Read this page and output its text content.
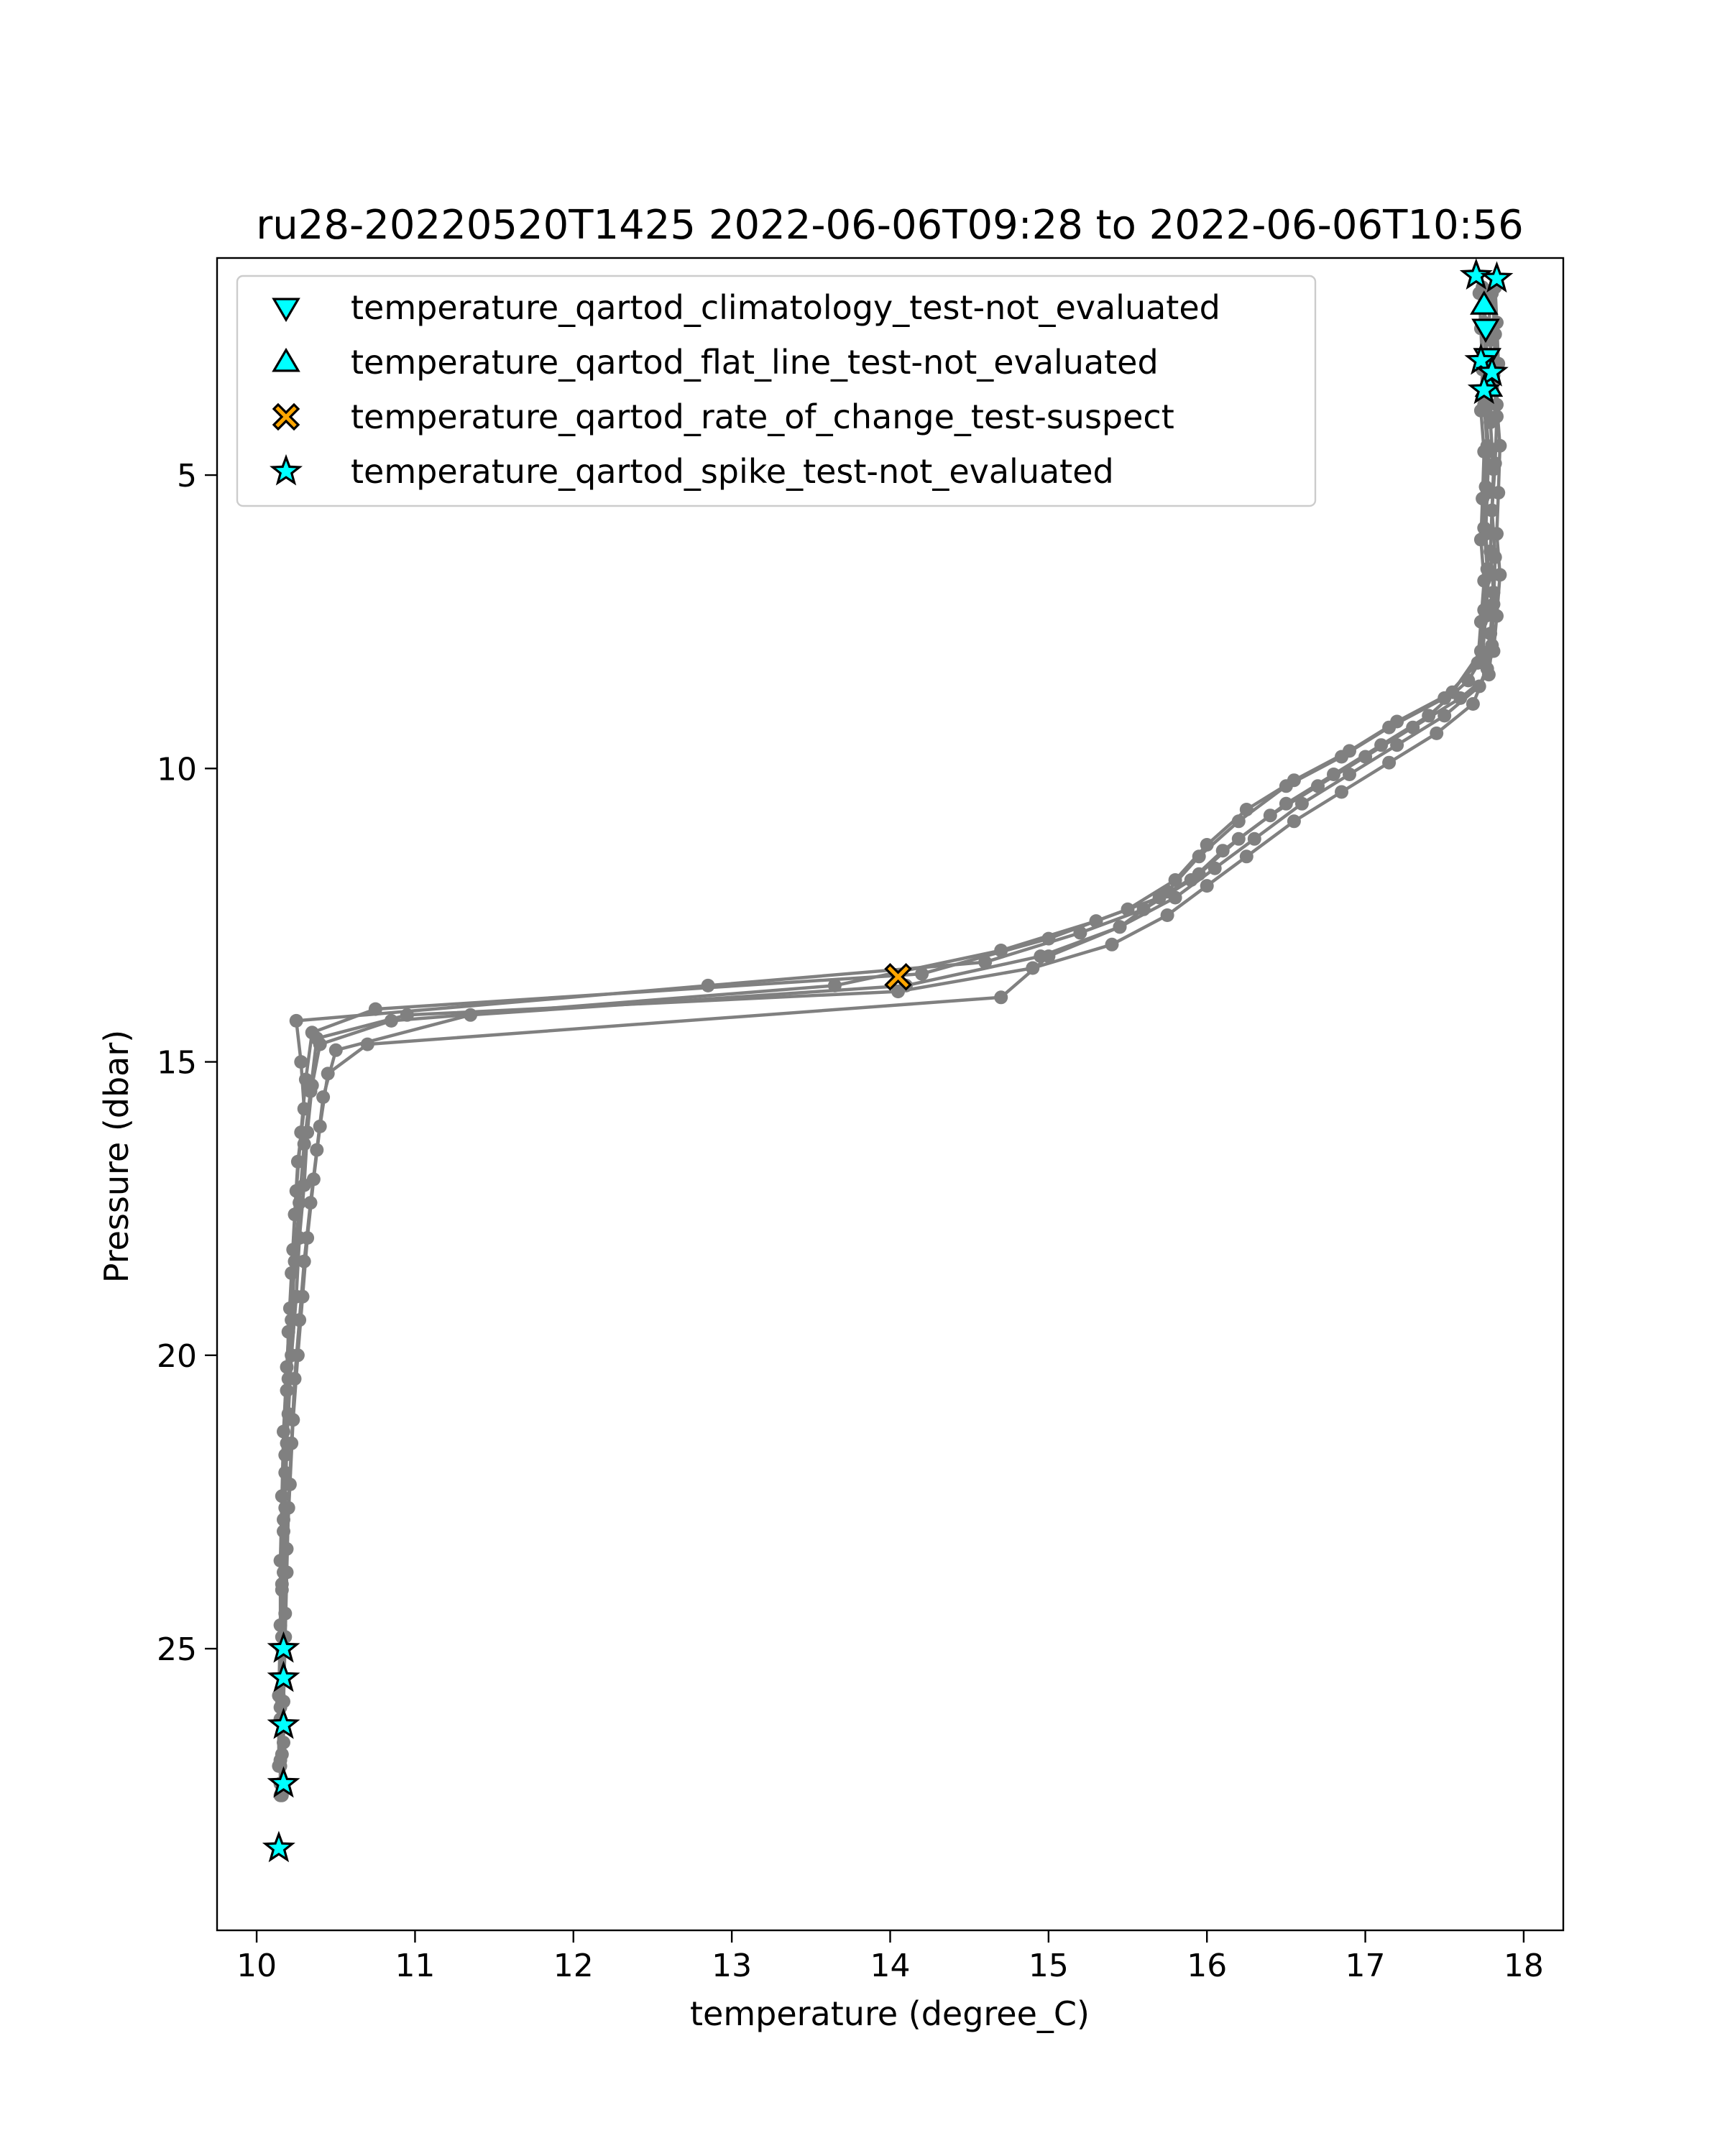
ru28-20220520T1425 2022-06-06T09:28 to 2022-06-06T10:56
10	11	12	13	14	15	16	17	18
5
10
15
20
25
temperature (degree_C)
Pressure (dbar)
temperature_qartod_climatology_test-not_evaluated
temperature_qartod_flat_line_test-not_evaluated
temperature_qartod_rate_of_change_test-suspect
temperature_qartod_spike_test-not_evaluated
